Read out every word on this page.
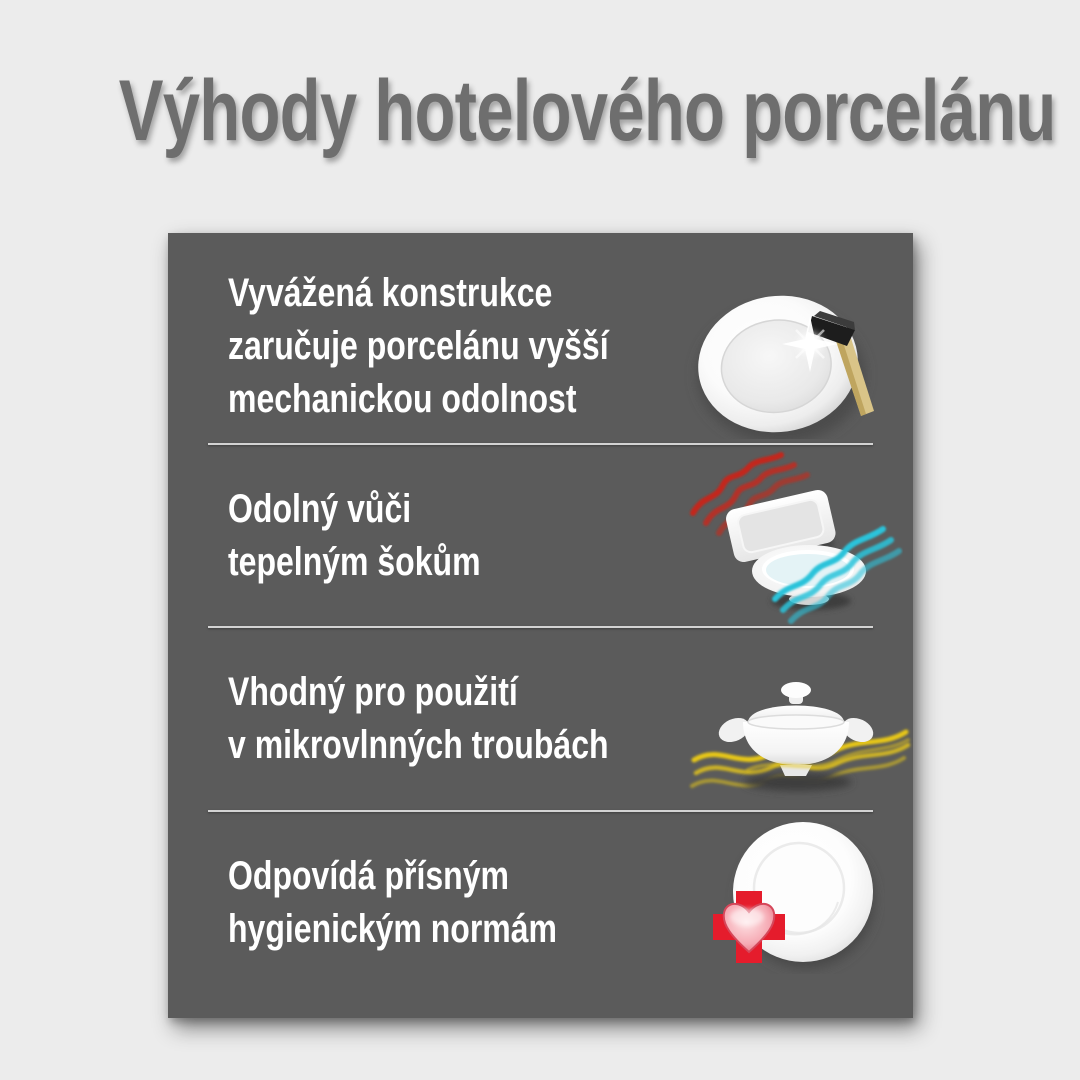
Výhody hotelového porcelánu
Vyvážená konstrukce
zaručuje porcelánu vyšší
mechanickou odolnost
Odolný vůči
tepelným šokům
Vhodný pro použití
v mikrovlnných troubách
Odpovídá přísným
hygienickým normám
